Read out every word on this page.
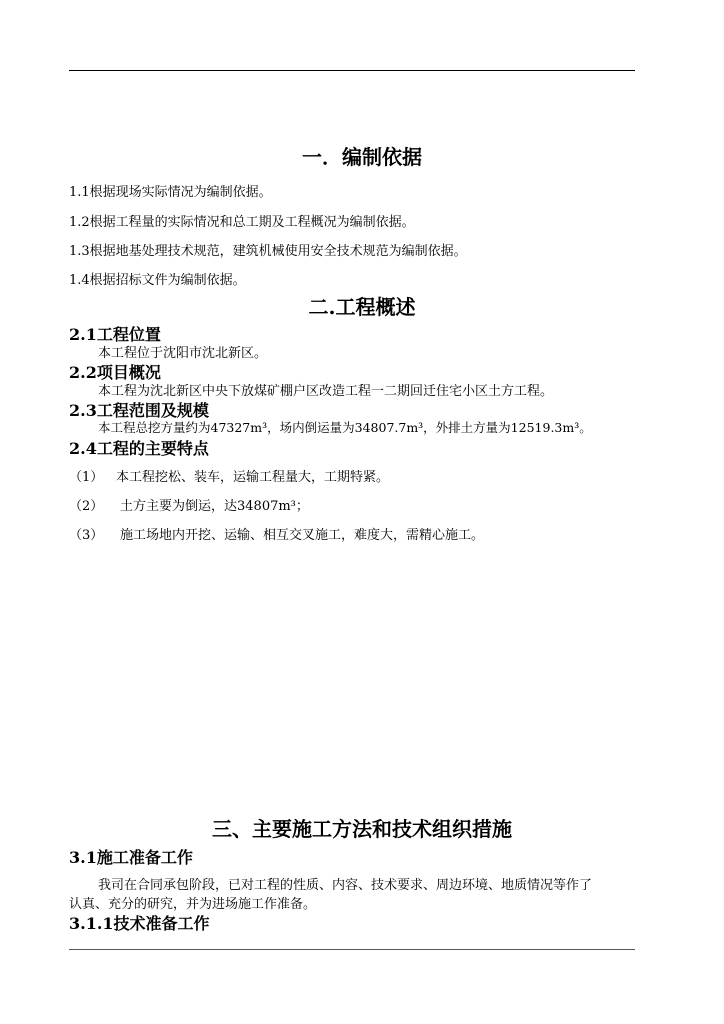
一．编制依据
1.1根据现场实际情况为编制依据。
1.2根据工程量的实际情况和总工期及工程概况为编制依据。
1.3根据地基处理技术规范，建筑机械使用安全技术规范为编制依据。
1.4根据招标文件为编制依据。
二.工程概述
2.1工程位置
本工程位于沈阳市沈北新区。
2.2项目概况
本工程为沈北新区中央下放煤矿棚户区改造工程一二期回迁住宅小区土方工程。
2.3工程范围及规模
本工程总挖方量约为47327m³，场内倒运量为34807.7m³，外排土方量为12519.3m³。
2.4工程的主要特点
（1） 本工程挖松、装车，运输工程量大，工期特紧。
（2） 土方主要为倒运，达34807m³；
（3） 施工场地内开挖、运输、相互交叉施工，难度大，需精心施工。
三、主要施工方法和技术组织措施
3.1施工准备工作
我司在合同承包阶段，已对工程的性质、内容、技术要求、周边环境、地质情况等作了
认真、充分的研究，并为进场施工作准备。
3.1.1技术准备工作
